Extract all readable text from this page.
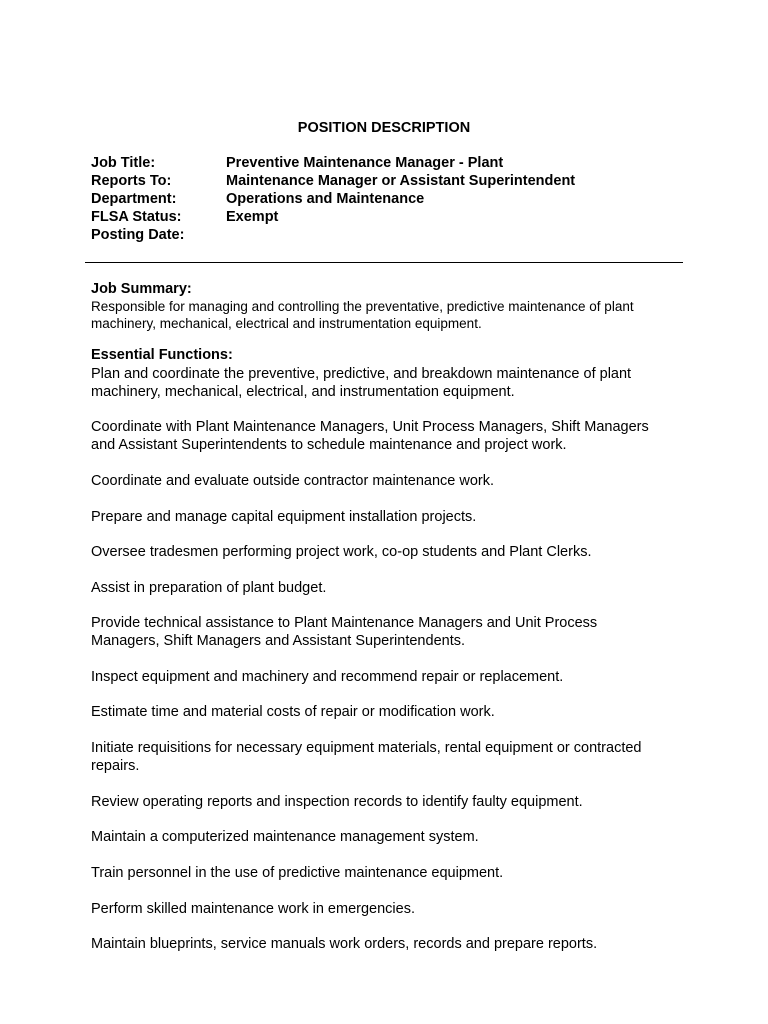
POSITION DESCRIPTION
Job Title:	Preventive Maintenance Manager - Plant
Reports To:	Maintenance Manager or Assistant Superintendent
Department:	Operations and Maintenance
FLSA Status:	Exempt
Posting Date:
Job Summary:
Responsible for managing and controlling the preventative, predictive maintenance of plant
machinery, mechanical, electrical and instrumentation equipment.
Essential Functions:
Plan and coordinate the preventive, predictive, and breakdown maintenance of plant
machinery, mechanical, electrical, and instrumentation equipment.
Coordinate with Plant Maintenance Managers, Unit Process Managers, Shift Managers
and Assistant Superintendents to schedule maintenance and project work.
Coordinate and evaluate outside contractor maintenance work.
Prepare and manage capital equipment installation projects.
Oversee tradesmen performing project work, co-op students and Plant Clerks.
Assist in preparation of plant budget.
Provide technical assistance to Plant Maintenance Managers and Unit Process
Managers, Shift Managers and Assistant Superintendents.
Inspect equipment and machinery and recommend repair or replacement.
Estimate time and material costs of repair or modification work.
Initiate requisitions for necessary equipment materials, rental equipment or contracted
repairs.
Review operating reports and inspection records to identify faulty equipment.
Maintain a computerized maintenance management system.
Train personnel in the use of predictive maintenance equipment.
Perform skilled maintenance work in emergencies.
Maintain blueprints, service manuals work orders, records and prepare reports.
